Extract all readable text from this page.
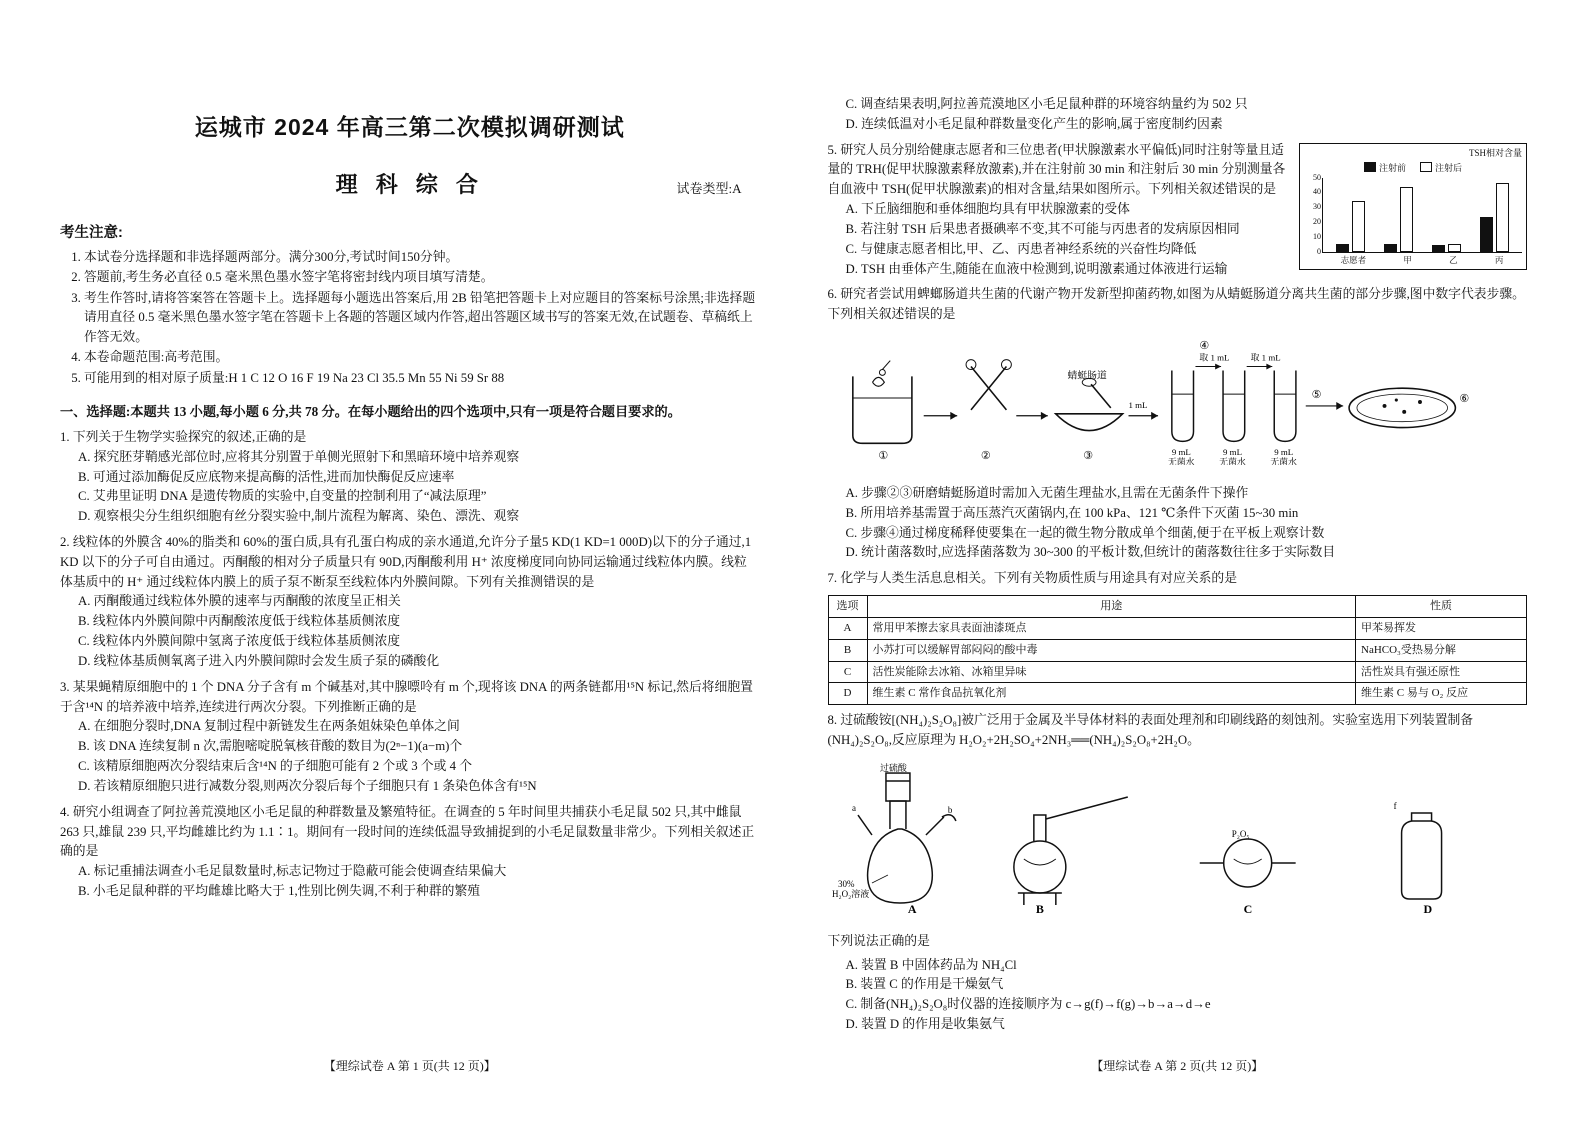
运城市 2024 年高三第二次模拟调研测试
理 科 综 合	试卷类型:A
考生注意:
1. 本试卷分选择题和非选择题两部分。满分300分,考试时间150分钟。
2. 答题前,考生务必直径 0.5 毫米黑色墨水签字笔将密封线内项目填写清楚。
3. 考生作答时,请将答案答在答题卡上。选择题每小题选出答案后,用 2B 铅笔把答题卡上对应题目的答案标号涂黑;非选择题请用直径 0.5 毫米黑色墨水签字笔在答题卡上各题的答题区域内作答,超出答题区域书写的答案无效,在试题卷、草稿纸上作答无效。
4. 本卷命题范围:高考范围。
5. 可能用到的相对原子质量:H 1 C 12 O 16 F 19 Na 23 Cl 35.5 Mn 55 Ni 59 Sr 88
一、选择题:本题共 13 小题,每小题 6 分,共 78 分。在每小题给出的四个选项中,只有一项是符合题目要求的。
1. 下列关于生物学实验探究的叙述,正确的是
A. 探究胚芽鞘感光部位时,应将其分别置于单侧光照射下和黑暗环境中培养观察
B. 可通过添加酶促反应底物来提高酶的活性,进而加快酶促反应速率
C. 艾弗里证明 DNA 是遗传物质的实验中,自变量的控制利用了“减法原理”
D. 观察根尖分生组织细胞有丝分裂实验中,制片流程为解离、染色、漂洗、观察
2. 线粒体的外膜含 40%的脂类和 60%的蛋白质,具有孔蛋白构成的亲水通道,允许分子量5 KD(1 KD=1 000D)以下的分子通过,1 KD 以下的分子可自由通过。丙酮酸的相对分子质量只有 90D,丙酮酸利用 H⁺ 浓度梯度同向协同运输通过线粒体内膜。线粒体基质中的 H⁺ 通过线粒体内膜上的质子泵不断泵至线粒体内外膜间隙。下列有关推测错误的是
A. 丙酮酸通过线粒体外膜的速率与丙酮酸的浓度呈正相关
B. 线粒体内外膜间隙中丙酮酸浓度低于线粒体基质侧浓度
C. 线粒体内外膜间隙中氢离子浓度低于线粒体基质侧浓度
D. 线粒体基质侧氧离子进入内外膜间隙时会发生质子泵的磷酸化
3. 某果蝇精原细胞中的 1 个 DNA 分子含有 m 个碱基对,其中腺嘌呤有 m 个,现将该 DNA 的两条链都用¹⁵N 标记,然后将细胞置于含¹⁴N 的培养液中培养,连续进行两次分裂。下列推断正确的是
A. 在细胞分裂时,DNA 复制过程中新链发生在两条姐妹染色单体之间
B. 该 DNA 连续复制 n 次,需胞嘧啶脱氧核苷酸的数目为(2ⁿ−1)(a−m)个
C. 该精原细胞两次分裂结束后含¹⁴N 的子细胞可能有 2 个或 3 个或 4 个
D. 若该精原细胞只进行减数分裂,则两次分裂后每个子细胞只有 1 条染色体含有¹⁵N
4. 研究小组调查了阿拉善荒漠地区小毛足鼠的种群数量及繁殖特征。在调查的 5 年时间里共捕获小毛足鼠 502 只,其中雌鼠 263 只,雄鼠 239 只,平均雌雄比约为 1.1∶1。期间有一段时间的连续低温导致捕捉到的小毛足鼠数量非常少。下列相关叙述正确的是
A. 标记重捕法调查小毛足鼠数量时,标志记物过于隐蔽可能会使调查结果偏大
B. 小毛足鼠种群的平均雌雄比略大于 1,性别比例失调,不利于种群的繁殖
【理综试卷 A 第 1 页(共 12 页)】
C. 调查结果表明,阿拉善荒漠地区小毛足鼠种群的环境容纳量约为 502 只
D. 连续低温对小毛足鼠种群数量变化产生的影响,属于密度制约因素
TSH相对含量
注射前	注射后
50
40
30
20
10
0
志愿者	甲	乙	丙
5. 研究人员分别给健康志愿者和三位患者(甲状腺激素水平偏低)同时注射等量且适量的 TRH(促甲状腺激素释放激素),并在注射前 30 min 和注射后 30 min 分别测量各自血液中 TSH(促甲状腺激素)的相对含量,结果如图所示。下列相关叙述错误的是
A. 下丘脑细胞和垂体细胞均具有甲状腺激素的受体
B. 若注射 TSH 后果患者摄碘率不变,其不可能与丙患者的发病原因相同
C. 与健康志愿者相比,甲、乙、丙患者神经系统的兴奋性均降低
D. TSH 由垂体产生,随能在血液中检测到,说明激素通过体液进行运输
6. 研究者尝试用蜱螂肠道共生菌的代谢产物开发新型抑菌药物,如图为从蜻蜓肠道分离共生菌的部分步骤,图中数字代表步骤。下列相关叙述错误的是
①	②
蜻蜓肠道
③
1 mL
9 mL	9 mL	9 mL
无菌水	无菌水	无菌水
取 1 mL 取 1 mL
④
⑤	⑥
A. 步骤②③研磨蜻蜓肠道时需加入无菌生理盐水,且需在无菌条件下操作
B. 所用培养基需置于高压蒸汽灭菌锅内,在 100 kPa、121 ℃条件下灭菌 15~30 min
C. 步骤④通过梯度稀释使要集在一起的微生物分散成单个细菌,便于在平板上观察计数
D. 统计菌落数时,应选择菌落数为 30~300 的平板计数,但统计的菌落数往往多于实际数目
7. 化学与人类生活息息相关。下列有关物质性质与用途具有对应关系的是
选项	用途	性质
A	常用甲苯擦去家具表面油漆斑点	甲苯易挥发
B	小苏打可以缓解胃部闷闷的酸中毒	NaHCO₃受热易分解
C	活性炭能除去冰箱、冰箱里异味	活性炭具有强还原性
D	维生素 C 常作食品抗氧化剂	维生素 C 易与 O₂ 反应
8. 过硫酸铵[(NH₄)₂S₂O₈]被广泛用于金属及半导体材料的表面处理剂和印刷线路的刻蚀剂。实验室选用下列装置制备(NH₄)₂S₂O₈,反应原理为 H₂O₂+2H₂SO₄+2NH₃══(NH₄)₂S₂O₈+2H₂O。
过硫酸
a	b
30%
H₂O₂溶液
A	B
P₂O₅
C
f
D
下列说法正确的是
A. 装置 B 中固体药品为 NH₄Cl
B. 装置 C 的作用是干燥氨气
C. 制备(NH₄)₂S₂O₈时仪器的连接顺序为 c→g(f)→f(g)→b→a→d→e
D. 装置 D 的作用是收集氨气
【理综试卷 A 第 2 页(共 12 页)】
